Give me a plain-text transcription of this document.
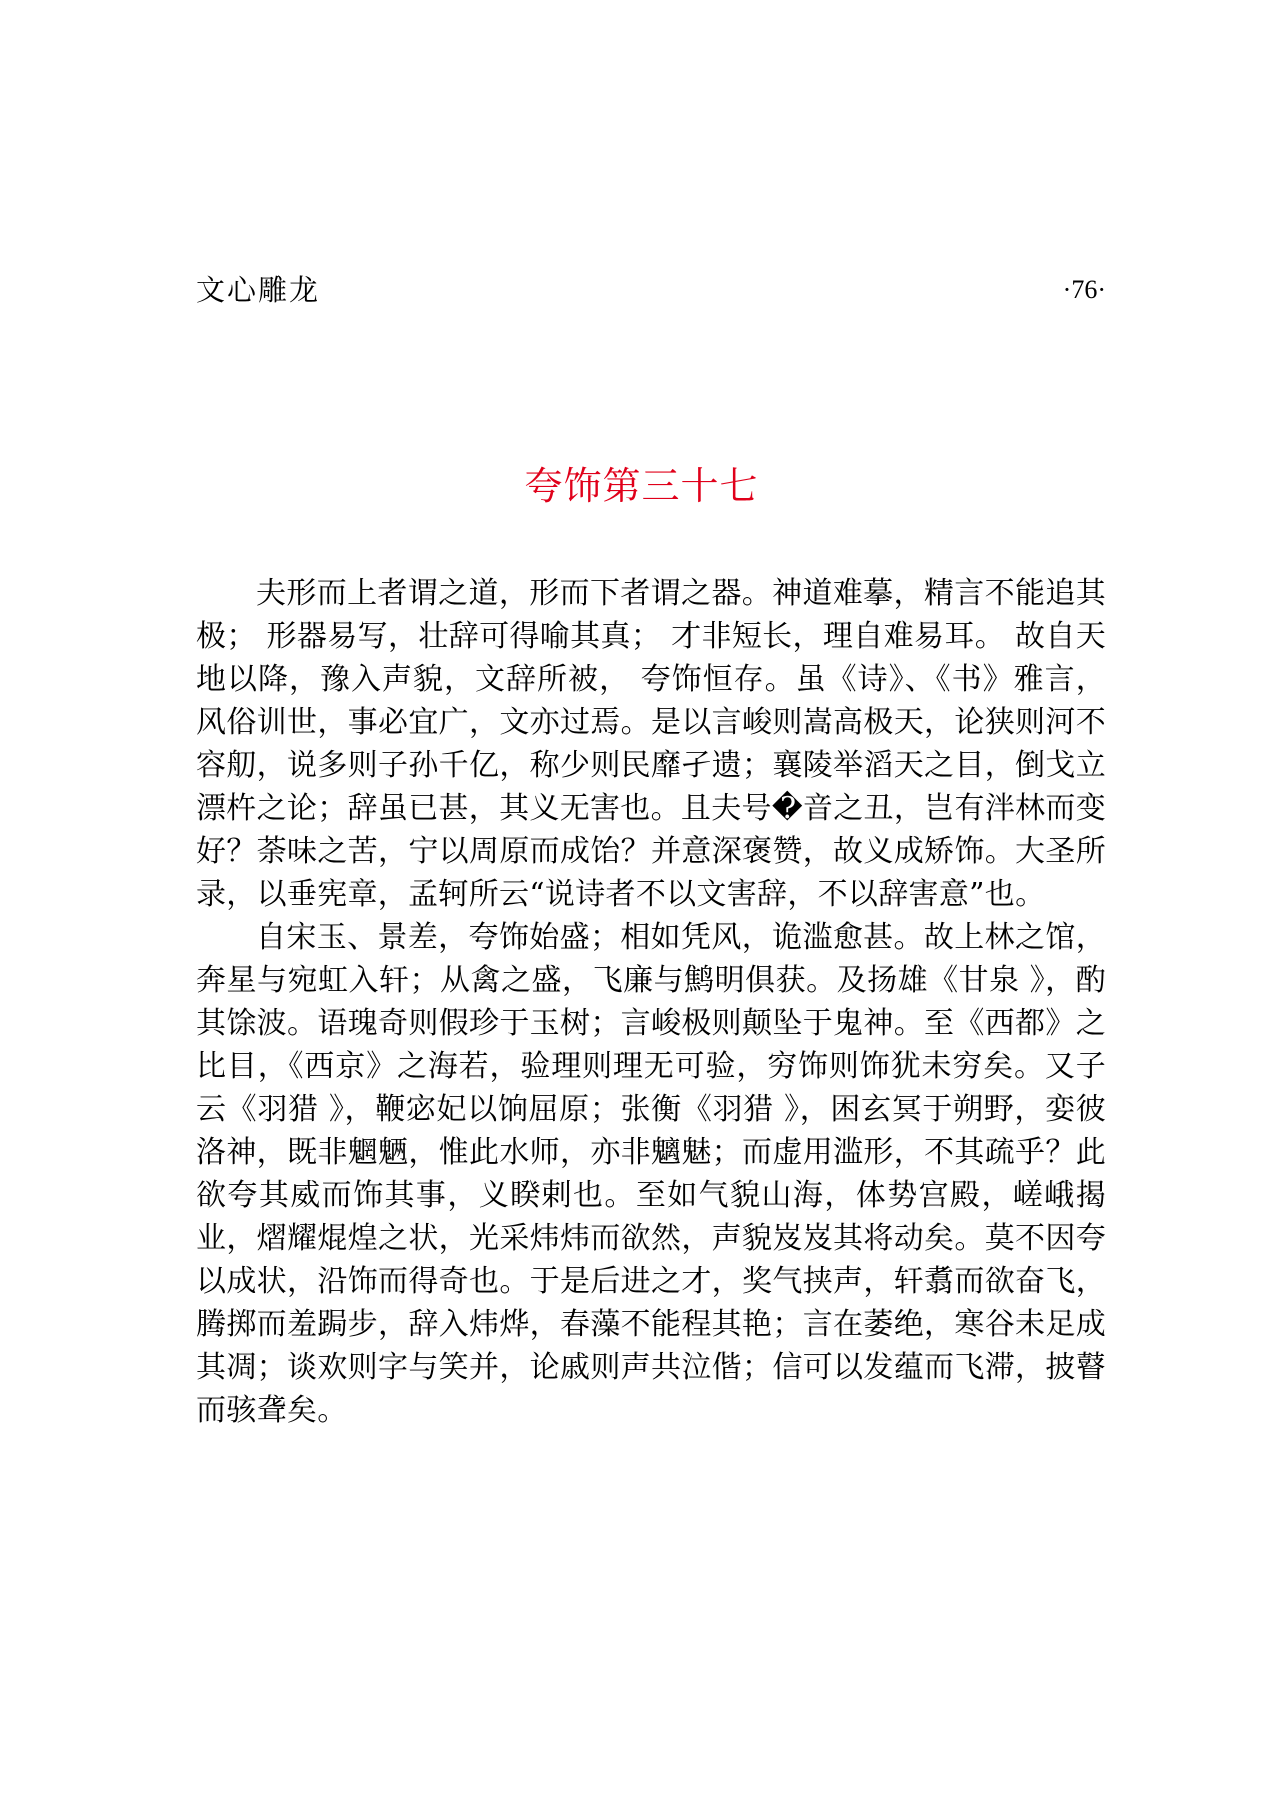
文心雕龙	·76·
夸饰第三十七

夫形而上者谓之道，形而下者谓之器。神道难摹，精言不能追其极； 形器易写，壮辞可得喻其真； 才非短长，理自难易耳。 故自天地以降，豫入声貌，文辞所被， 夸饰恒存。虽《诗》、《书》雅言，风俗训世，事必宜广，文亦过焉。是以言峻则嵩高极天，论狭则河不容舠，说多则子孙千亿，称少则民靡孑遗；襄陵举滔天之目，倒戈立漂杵之论；辞虽已甚，其义无害也。且夫号�音之丑，岂有泮林而变好？荼味之苦，宁以周原而成饴？并意深褒赞，故义成矫饰。大圣所录，以垂宪章，孟轲所云“说诗者不以文害辞，不以辞害意”也。

自宋玉、景差，夸饰始盛；相如凭风，诡滥愈甚。故上林之馆，奔星与宛虹入轩；从禽之盛，飞廉与鹪明俱获。及扬雄《甘泉 》，酌其馀波。语瑰奇则假珍于玉树；言峻极则颠坠于鬼神。至《西都》之比目，《西京》之海若，验理则理无可验，穷饰则饰犹未穷矣。又子云《羽猎 》，鞭宓妃以饷屈原；张衡《羽猎 》，困玄冥于朔野，娈彼洛神，既非魍魉，惟此水师，亦非魑魅；而虚用滥形，不其疏乎？此欲夸其威而饰其事，义睽剌也。至如气貌山海，体势宫殿，嵯峨揭业，熠耀焜煌之状，光采炜炜而欲然，声貌岌岌其将动矣。莫不因夸以成状，沿饰而得奇也。于是后进之才，奖气挟声，轩翥而欲奋飞，腾掷而羞跼步，辞入炜烨，春藻不能程其艳；言在萎绝，寒谷未足成其凋；谈欢则字与笑并，论戚则声共泣偕；信可以发蕴而飞滞，披瞽而骇聋矣。
